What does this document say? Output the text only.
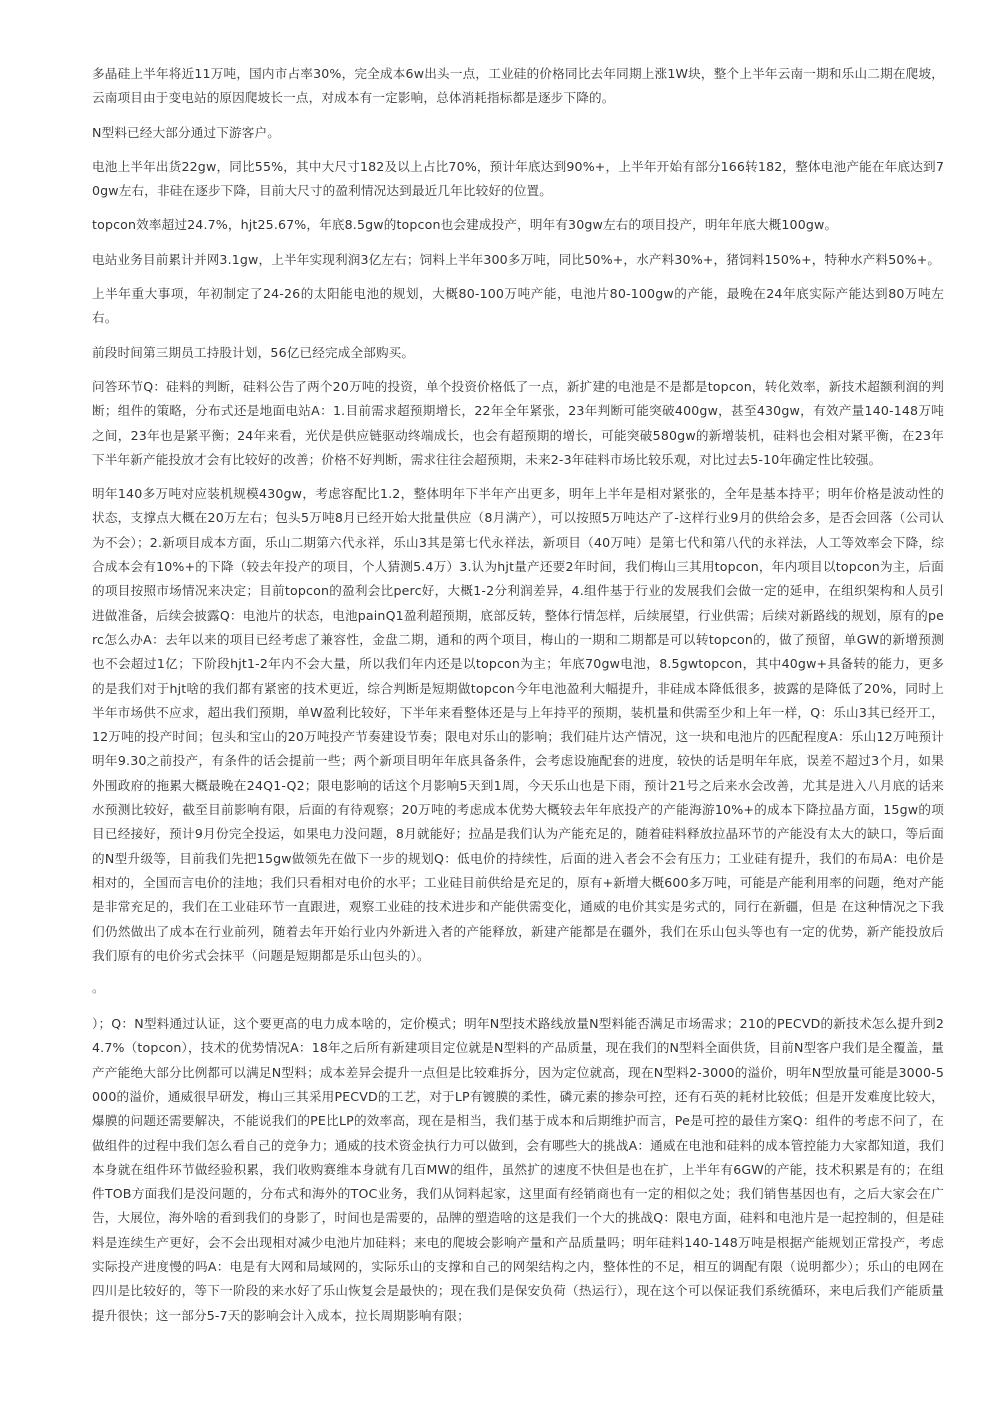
多晶硅上半年将近11万吨，国内市占率30%，完全成本6w出头一点，工业硅的价格同比去年同期上涨1W块，整个上半年云南一期和乐山二期在爬坡，云南项目由于变电站的原因爬坡长一点，对成本有一定影响，总体消耗指标都是逐步下降的。

N型料已经大部分通过下游客户。

电池上半年出货22gw，同比55%，其中大尺寸182及以上占比70%，预计年底达到90%+，上半年开始有部分166转182，整体电池产能在年底达到70gw左右，非硅在逐步下降，目前大尺寸的盈利情况达到最近几年比较好的位置。

topcon效率超过24.7%，hjt25.67%，年底8.5gw的topcon也会建成投产，明年有30gw左右的项目投产，明年年底大概100gw。

电站业务目前累计并网3.1gw，上半年实现利润3亿左右；饲料上半年300多万吨，同比50%+，水产料30%+，猪饲料150%+，特种水产料50%+。

上半年重大事项，年初制定了24-26的太阳能电池的规划，大概80-100万吨产能，电池片80-100gw的产能，最晚在24年底实际产能达到80万吨左右。

前段时间第三期员工持股计划，56亿已经完成全部购买。

问答环节Q：硅料的判断，硅料公告了两个20万吨的投资，单个投资价格低了一点，新扩建的电池是不是都是topcon，转化效率，新技术超额利润的判断；组件的策略，分布式还是地面电站A：1.目前需求超预期增长，22年全年紧张，23年判断可能突破400gw，甚至430gw，有效产量140-148万吨之间，23年也是紧平衡；24年来看，光伏是供应链驱动终端成长，也会有超预期的增长，可能突破580gw的新增装机，硅料也会相对紧平衡，在23年下半年新产能投放才会有比较好的改善；价格不好判断，需求往往会超预期，未来2-3年硅料市场比较乐观，对比过去5-10年确定性比较强。

明年140多万吨对应装机规模430gw，考虑容配比1.2，整体明年下半年产出更多，明年上半年是相对紧张的，全年是基本持平；明年价格是波动性的状态，支撑点大概在20万左右；包头5万吨8月已经开始大批量供应（8月满产），可以按照5万吨达产了-这样行业9月的供给会多，是否会回落（公司认为不会）；2.新项目成本方面，乐山二期第六代永祥，乐山3其是第七代永祥法，新项目（40万吨）是第七代和第八代的永祥法，人工等效率会下降，综合成本会有10%+的下降（较去年投产的项目，个人猜测5.4万）3.认为hjt量产还要2年时间，我们梅山三其用topcon，年内项目以topcon为主，后面的项目按照市场情况来决定；目前topcon的盈利会比perc好，大概1-2分利润差异，4.组件基于行业的发展我们会做一定的延申，在组织架构和人员引进做准备，后续会披露Q：电池片的状态，电池painQ1盈利超预期，底部反转，整体行情怎样，后续展望，行业供需；后续对新路线的规划，原有的perc怎么办A：去年以来的项目已经考虑了兼容性，金盘二期，通和的两个项目，梅山的一期和二期都是可以转topcon的，做了预留，单GW的新增预测也不会超过1亿；下阶段hjt1-2年内不会大量，所以我们年内还是以topcon为主；年底70gw电池，8.5gwtopcon，其中40gw+具备转的能力，更多的是我们对于hjt啥的我们都有紧密的技术更近，综合判断是短期做topcon今年电池盈利大幅提升，非硅成本降低很多，披露的是降低了20%，同时上半年市场供不应求，超出我们预期，单W盈利比较好，下半年来看整体还是与上年持平的预期，装机量和供需至少和上年一样，Q：乐山3其已经开工，12万吨的投产时间；包头和宝山的20万吨投产节奏建设节奏；限电对乐山的影响；我们硅片达产情况，这一块和电池片的匹配程度A：乐山12万吨预计明年9.30之前投产，有条件的话会提前一些；两个新项目明年年底具备条件，会考虑设施配套的进度，较快的话是明年年底，误差不超过3个月，如果外围政府的拖累大概最晚在24Q1-Q2；限电影响的话这个月影响5天到1周，今天乐山也是下雨，预计21号之后来水会改善，尤其是进入八月底的话来水预测比较好，截至目前影响有限，后面的有待观察；20万吨的考虑成本优势大概较去年年底投产的产能海游10%+的成本下降拉晶方面，15gw的项目已经接好，预计9月份完全投运，如果电力没问题，8月就能好；拉晶是我们认为产能充足的，随着硅料释放拉晶环节的产能没有太大的缺口，等后面的N型升级等，目前我们先把15gw做领先在做下一步的规划Q：低电价的持续性，后面的进入者会不会有压力；工业硅有提升，我们的布局A：电价是相对的，全国而言电价的洼地；我们只看相对电价的水平；工业硅目前供给是充足的，原有+新增大概600多万吨，可能是产能利用率的问题，绝对产能是非常充足的，我们在工业硅环节一直跟进，观察工业硅的技术进步和产能供需变化，通威的电价其实是劣式的，同行在新疆，但是 在这种情况之下我们仍然做出了成本在行业前列，随着去年开始行业内外新进入者的产能释放，新建产能都是在疆外，我们在乐山包头等也有一定的优势，新产能投放后我们原有的电价劣式会抹平（问题是短期都是乐山包头的）。

。

）；Q：N型料通过认证，这个要更高的电力成本啥的，定价模式；明年N型技术路线放量N型料能否满足市场需求；210的PECVD的新技术怎么提升到24.7%（topcon），技术的优势情况A：18年之后所有新建项目定位就是N型料的产品质量，现在我们的N型料全面供货，目前N型客户我们是全覆盖，量产产能绝大部分比例都可以满足N型料；成本差异会提升一点但是比较难拆分，因为定位就高，现在N型料2-3000的溢价，明年N型放量可能是3000-5000的溢价，通威很早研发，梅山三其采用PECVD的工艺，对于LP有镀膜的柔性，磷元素的掺杂可控，还有石英的耗材比较低；但是开发难度比较大，爆膜的问题还需要解决，不能说我们的PE比LP的效率高，现在是相当，我们基于成本和后期维护而言，Pe是可控的最佳方案Q：组件的考虑不问了，在做组件的过程中我们怎么看自己的竞争力；通威的技术资金执行力可以做到，会有哪些大的挑战A：通威在电池和硅料的成本管控能力大家都知道，我们本身就在组件环节做经验积累，我们收购赛维本身就有几百MW的组件，虽然扩的速度不快但是也在扩，上半年有6GW的产能，技术积累是有的；在组件TOB方面我们是没问题的，分布式和海外的TOC业务，我们从饲料起家，这里面有经销商也有一定的相似之处；我们销售基因也有，之后大家会在广告，大展位，海外啥的看到我们的身影了，时间也是需要的，品牌的塑造啥的这是我们一个大的挑战Q：限电方面，硅料和电池片是一起控制的，但是硅料是连续生产更好，会不会出现相对减少电池片加硅料；来电的爬坡会影响产量和产品质量吗；明年硅料140-148万吨是根据产能规划正常投产，考虑实际投产进度慢的吗A：电是有大网和局域网的，实际乐山的支撑和自己的网架结构之内，整体性的不足，相互的调配有限（说明都少）；乐山的电网在四川是比较好的，等下一阶段的来水好了乐山恢复会是最快的；现在我们是保安负荷（热运行），现在这个可以保证我们系统循环，来电后我们产能质量提升很快；这一部分5-7天的影响会计入成本，拉长周期影响有限；
